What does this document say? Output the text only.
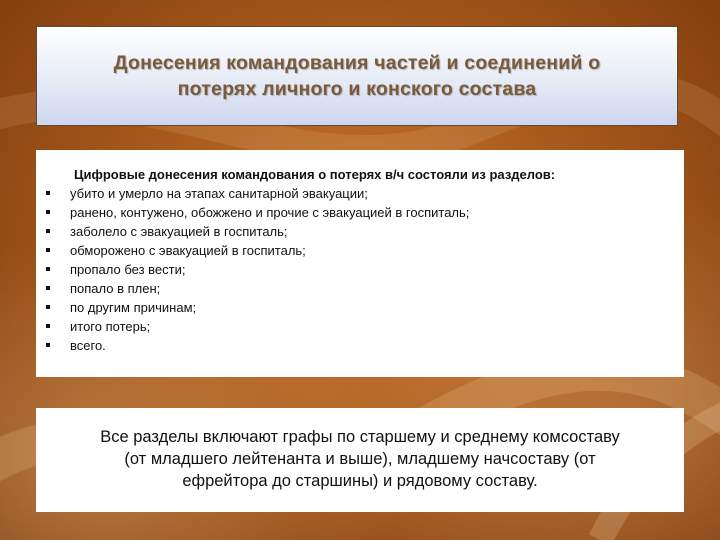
Донесения командования частей и соединений о
потерях личного и конского состава
Цифровые донесения командования о потерях в/ч состояли из разделов:
убито и умерло на этапах санитарной эвакуации;
ранено, контужено, обожжено и прочие с эвакуацией в госпиталь;
заболело с эвакуацией в госпиталь;
обморожено с эвакуацией в госпиталь;
пропало без вести;
попало в плен;
по другим причинам;
итого потерь;
всего.
Все разделы включают графы по старшему и среднему комсоставу
(от младшего лейтенанта и выше), младшему начсоставу (от
ефрейтора до старшины) и рядовому составу.
